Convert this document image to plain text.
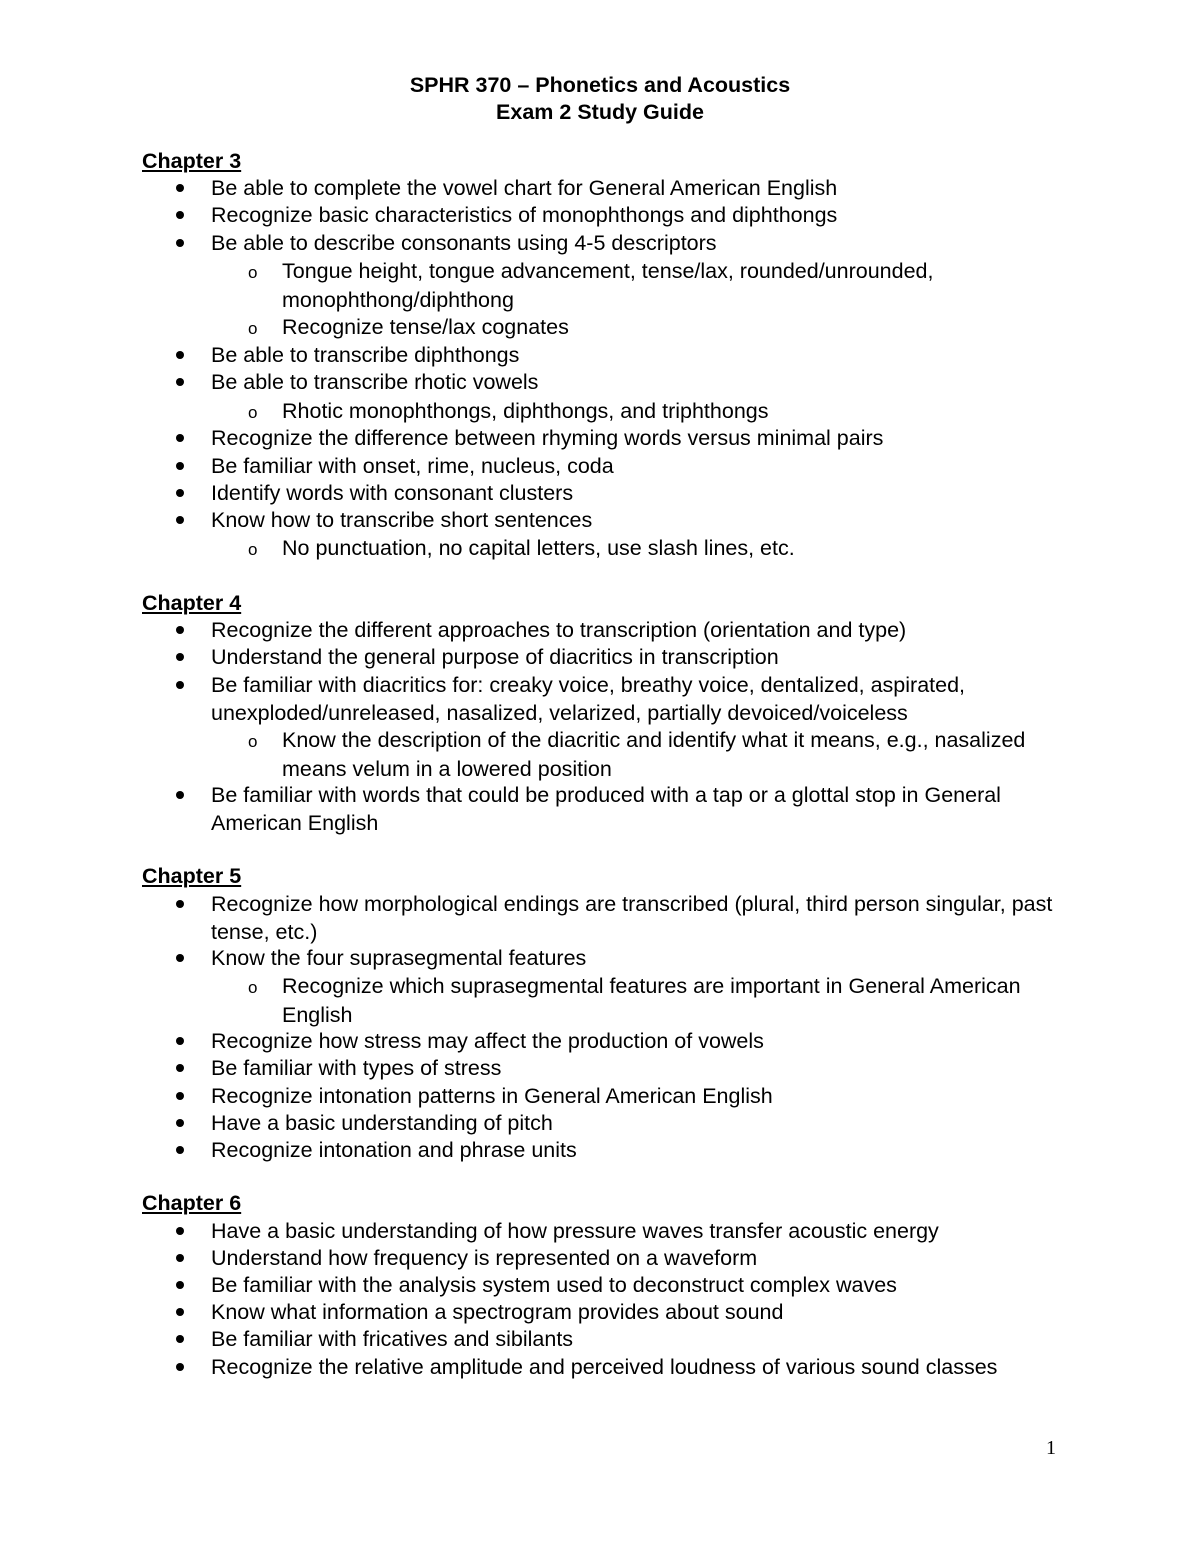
SPHR 370 – Phonetics and Acoustics
Exam 2 Study Guide
Chapter 3
Be able to complete the vowel chart for General American English
Recognize basic characteristics of monophthongs and diphthongs
Be able to describe consonants using 4-5 descriptors
o Tongue height, tongue advancement, tense/lax, rounded/unrounded, monophthong/diphthong
o Recognize tense/lax cognates
Be able to transcribe diphthongs
Be able to transcribe rhotic vowels
o Rhotic monophthongs, diphthongs, and triphthongs
Recognize the difference between rhyming words versus minimal pairs
Be familiar with onset, rime, nucleus, coda
Identify words with consonant clusters
Know how to transcribe short sentences
o No punctuation, no capital letters, use slash lines, etc.
Chapter 4
Recognize the different approaches to transcription (orientation and type)
Understand the general purpose of diacritics in transcription
Be familiar with diacritics for: creaky voice, breathy voice, dentalized, aspirated, unexploded/unreleased, nasalized, velarized, partially devoiced/voiceless
o Know the description of the diacritic and identify what it means, e.g., nasalized means velum in a lowered position
Be familiar with words that could be produced with a tap or a glottal stop in General American English
Chapter 5
Recognize how morphological endings are transcribed (plural, third person singular, past tense, etc.)
Know the four suprasegmental features
o Recognize which suprasegmental features are important in General American English
Recognize how stress may affect the production of vowels
Be familiar with types of stress
Recognize intonation patterns in General American English
Have a basic understanding of pitch
Recognize intonation and phrase units
Chapter 6
Have a basic understanding of how pressure waves transfer acoustic energy
Understand how frequency is represented on a waveform
Be familiar with the analysis system used to deconstruct complex waves
Know what information a spectrogram provides about sound
Be familiar with fricatives and sibilants
Recognize the relative amplitude and perceived loudness of various sound classes
1
